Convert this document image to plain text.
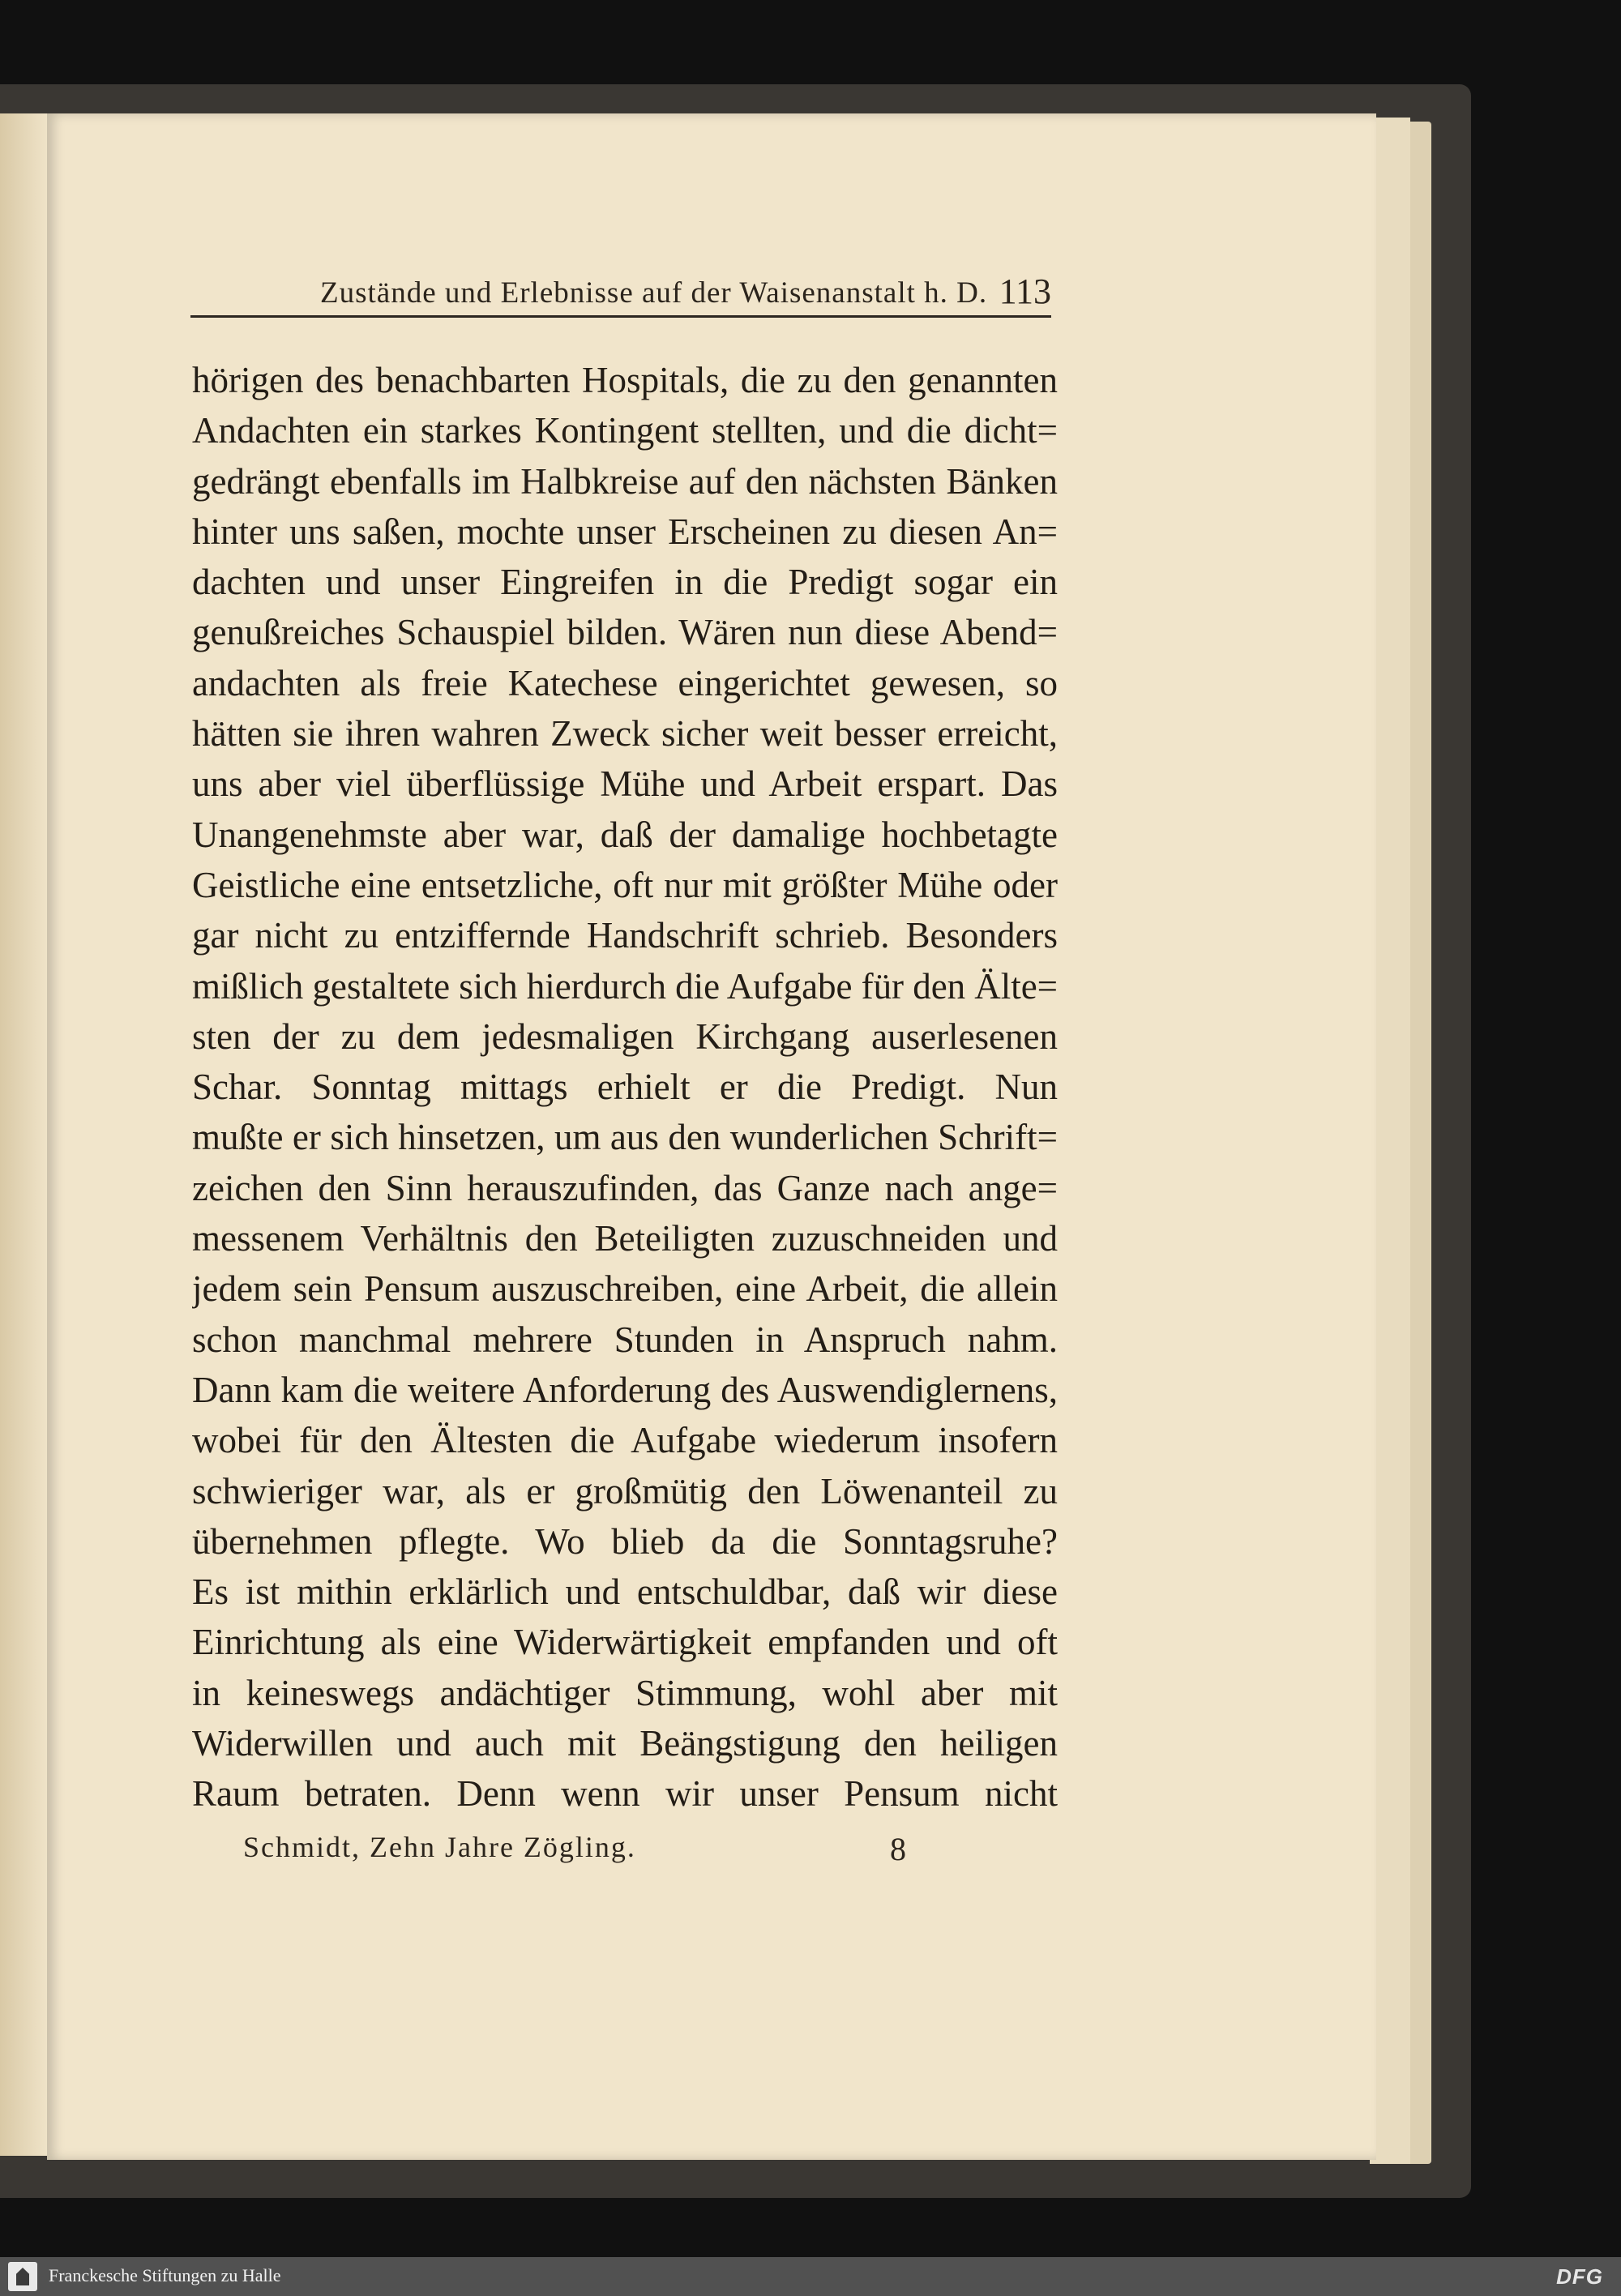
Zustände und Erlebnisse auf der Waisenanstalt h. D. 113
hörigen des benachbarten Hospitals, die zu den genannten
Andachten ein starkes Kontingent stellten, und die dicht=
gedrängt ebenfalls im Halbkreise auf den nächsten Bänken
hinter uns saßen, mochte unser Erscheinen zu diesen An=
dachten und unser Eingreifen in die Predigt sogar ein
genußreiches Schauspiel bilden. Wären nun diese Abend=
andachten als freie Katechese eingerichtet gewesen, so
hätten sie ihren wahren Zweck sicher weit besser erreicht,
uns aber viel überflüssige Mühe und Arbeit erspart. Das
Unangenehmste aber war, daß der damalige hochbetagte
Geistliche eine entsetzliche, oft nur mit größter Mühe oder
gar nicht zu entziffernde Handschrift schrieb. Besonders
mißlich gestaltete sich hierdurch die Aufgabe für den Älte=
sten der zu dem jedesmaligen Kirchgang auserlesenen
Schar. Sonntag mittags erhielt er die Predigt. Nun
mußte er sich hinsetzen, um aus den wunderlichen Schrift=
zeichen den Sinn herauszufinden, das Ganze nach ange=
messenem Verhältnis den Beteiligten zuzuschneiden und
jedem sein Pensum auszuschreiben, eine Arbeit, die allein
schon manchmal mehrere Stunden in Anspruch nahm.
Dann kam die weitere Anforderung des Auswendiglernens,
wobei für den Ältesten die Aufgabe wiederum insofern
schwieriger war, als er großmütig den Löwenanteil zu
übernehmen pflegte. Wo blieb da die Sonntagsruhe?
Es ist mithin erklärlich und entschuldbar, daß wir diese
Einrichtung als eine Widerwärtigkeit empfanden und oft
in keineswegs andächtiger Stimmung, wohl aber mit
Widerwillen und auch mit Beängstigung den heiligen
Raum betraten. Denn wenn wir unser Pensum nicht
Schmidt, Zehn Jahre Zögling.	8
Franckesche Stiftungen zu Halle	DFG
